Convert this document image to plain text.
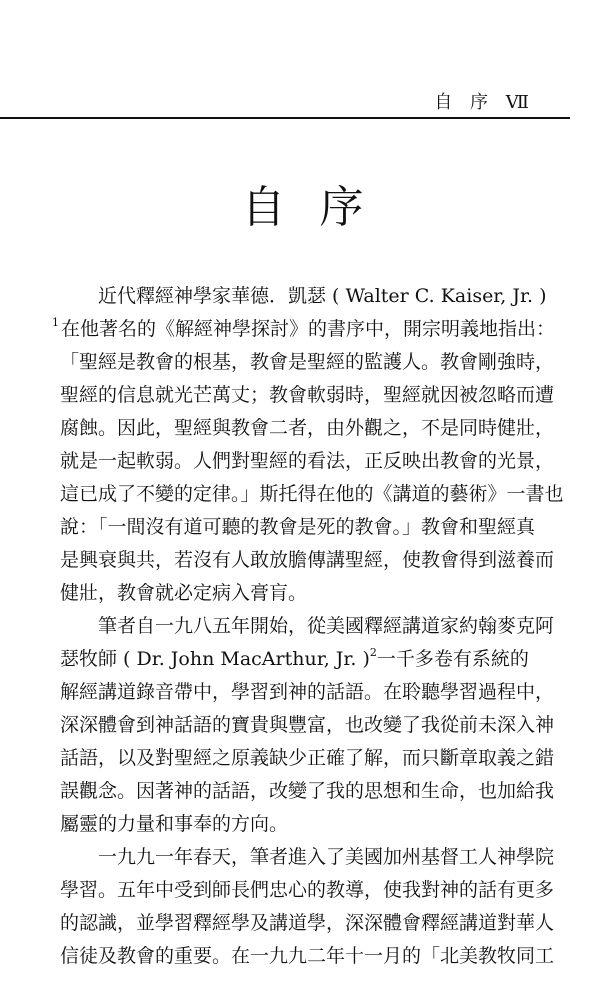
自 序 Ⅶ
自序
近代釋經神學家華德．凱瑟 ( Walter C. Kaiser, Jr. )
$^1$ 在他著名的《解經神學探討》的書序中，開宗明義地指出：
「聖經是教會的根基，教會是聖經的監護人。教會剛強時，
聖經的信息就光芒萬丈；教會軟弱時，聖經就因被忽略而遭
腐蝕。因此，聖經與教會二者，由外觀之，不是同時健壯，
就是一起軟弱。人們對聖經的看法，正反映出教會的光景，
這已成了不變的定律。」斯托得在他的《講道的藝術》一書也
說：「一間沒有道可聽的教會是死的教會。」教會和聖經真
是興衰與共，若沒有人敢放膽傳講聖經，使教會得到滋養而
健壯，教會就必定病入膏肓。
筆者自一九八五年開始，從美國釋經講道家約翰麥克阿
瑟牧師 ( Dr. John MacArthur, Jr. )$^2$一千多卷有系統的
解經講道錄音帶中，學習到神的話語。在聆聽學習過程中，
深深體會到神話語的寶貴與豐富，也改變了我從前未深入神
話語，以及對聖經之原義缺少正確了解，而只斷章取義之錯
誤觀念。因著神的話語，改變了我的思想和生命，也加給我
屬靈的力量和事奉的方向。
一九九一年春天，筆者進入了美國加州基督工人神學院
學習。五年中受到師長們忠心的教導，使我對神的話有更多
的認識，並學習釋經學及講道學，深深體會釋經講道對華人
信徒及教會的重要。在一九九二年十一月的「北美教牧同工
